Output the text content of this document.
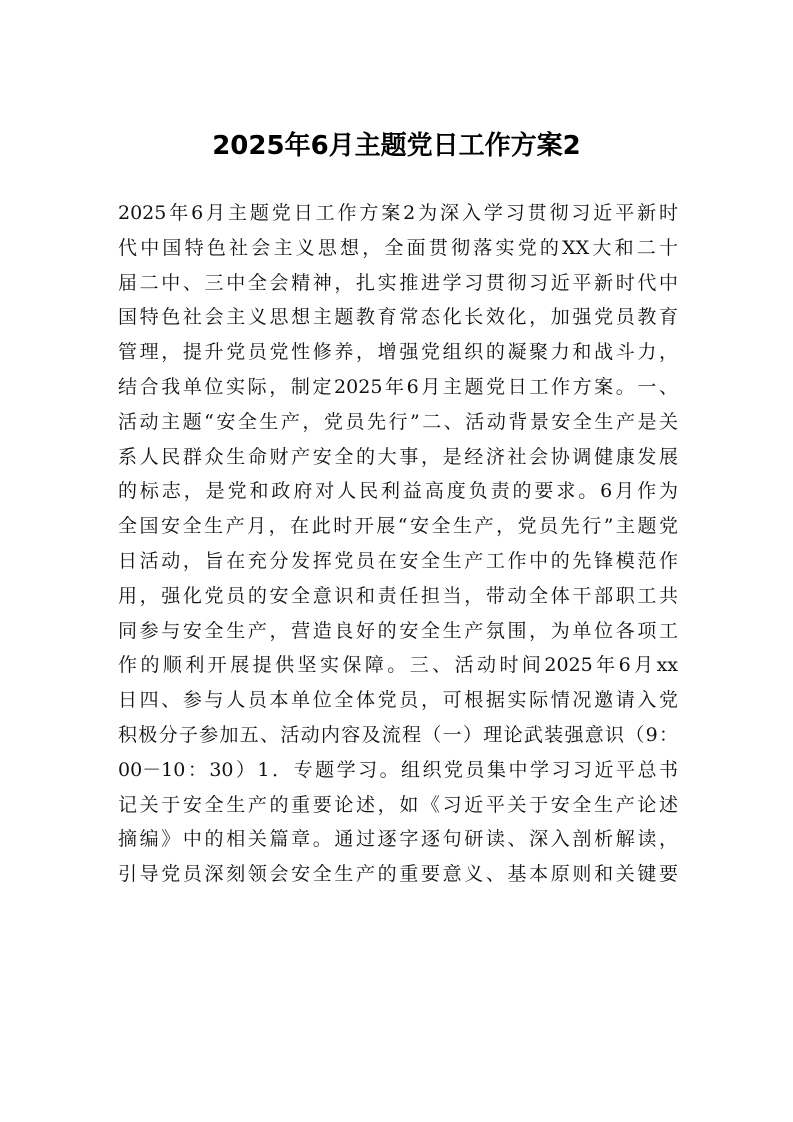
2025年6月主题党日工作方案2
2025年6月主题党日工作方案2为深入学习贯彻习近平新时
代中国特色社会主义思想，全面贯彻落实党的XX大和二十
届二中、三中全会精神，扎实推进学习贯彻习近平新时代中
国特色社会主义思想主题教育常态化长效化，加强党员教育
管理，提升党员党性修养，增强党组织的凝聚力和战斗力，
结合我单位实际，制定2025年6月主题党日工作方案。一、
活动主题“安全生产，党员先行”二、活动背景安全生产是关
系人民群众生命财产安全的大事，是经济社会协调健康发展
的标志，是党和政府对人民利益高度负责的要求。6月作为
全国安全生产月，在此时开展“安全生产，党员先行”主题党
日活动，旨在充分发挥党员在安全生产工作中的先锋模范作
用，强化党员的安全意识和责任担当，带动全体干部职工共
同参与安全生产，营造良好的安全生产氛围，为单位各项工
作的顺利开展提供坚实保障。三、活动时间2025年6月xx
日四、参与人员本单位全体党员，可根据实际情况邀请入党
积极分子参加五、活动内容及流程（一）理论武装强意识（9：
00－10：30）1．专题学习。组织党员集中学习习近平总书
记关于安全生产的重要论述，如《习近平关于安全生产论述
摘编》中的相关篇章。通过逐字逐句研读、深入剖析解读，
引导党员深刻领会安全生产的重要意义、基本原则和关键要
